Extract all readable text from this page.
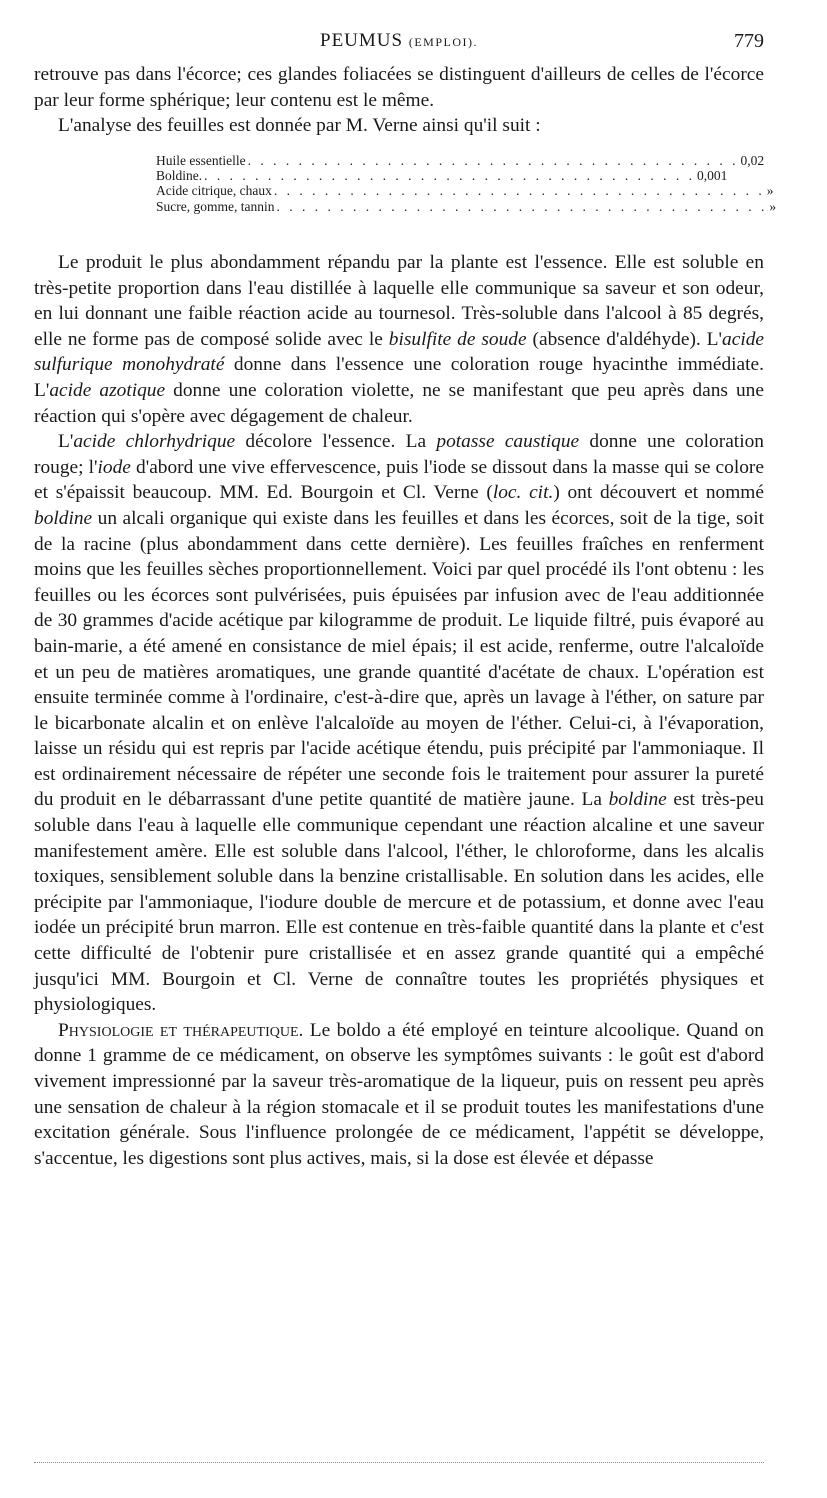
PEUMUS (EMPLOI).	779

retrouve pas dans l'écorce; ces glandes foliacées se distinguent d'ailleurs de celles de l'écorce par leur forme sphérique; leur contenu est le même.

L'analyse des feuilles est donnée par M. Verne ainsi qu'il suit :

Huile essentielle . . . . . . . . . . . . . . . . . . . . . . . . . . . . . . . . . . . . . . . 0,02
Boldine. . . . . . . . . . . . . . . . . . . . . . . . . . . . . . . . . . . . . . . . 0,001
Acide citrique, chaux . . . . . . . . . . . . . . . . . . . . . . . . . . . . . . . . . . . . . . . »
Sucre, gomme, tannin . . . . . . . . . . . . . . . . . . . . . . . . . . . . . . . . . . . . . . . »

Le produit le plus abondamment répandu par la plante est l'essence. Elle est soluble en très-petite proportion dans l'eau distillée à laquelle elle communique sa saveur et son odeur, en lui donnant une faible réaction acide au tournesol. Très-soluble dans l'alcool à 85 degrés, elle ne forme pas de composé solide avec le bisulfite de soude (absence d'aldéhyde). L'acide sulfurique monohydraté donne dans l'essence une coloration rouge hyacinthe immédiate. L'acide azotique donne une coloration violette, ne se manifestant que peu après dans une réaction qui s'opère avec dégagement de chaleur.

L'acide chlorhydrique décolore l'essence. La potasse caustique donne une coloration rouge; l'iode d'abord une vive effervescence, puis l'iode se dissout dans la masse qui se colore et s'épaissit beaucoup. MM. Ed. Bourgoin et Cl. Verne (loc. cit.) ont découvert et nommé boldine un alcali organique qui existe dans les feuilles et dans les écorces, soit de la tige, soit de la racine (plus abondamment dans cette dernière). Les feuilles fraîches en renferment moins que les feuilles sèches proportionnellement. Voici par quel procédé ils l'ont obtenu : les feuilles ou les écorces sont pulvérisées, puis épuisées par infusion avec de l'eau additionnée de 30 grammes d'acide acétique par kilogramme de produit. Le liquide filtré, puis évaporé au bain-marie, a été amené en consistance de miel épais; il est acide, renferme, outre l'alcaloïde et un peu de matières aromatiques, une grande quantité d'acétate de chaux. L'opération est ensuite terminée comme à l'ordinaire, c'est-à-dire que, après un lavage à l'éther, on sature par le bicarbonate alcalin et on enlève l'alcaloïde au moyen de l'éther. Celui-ci, à l'évaporation, laisse un résidu qui est repris par l'acide acétique étendu, puis précipité par l'ammoniaque. Il est ordinairement nécessaire de répéter une seconde fois le traitement pour assurer la pureté du produit en le débarrassant d'une petite quantité de matière jaune. La boldine est très-peu soluble dans l'eau à laquelle elle communique cependant une réaction alcaline et une saveur manifestement amère. Elle est soluble dans l'alcool, l'éther, le chloroforme, dans les alcalis toxiques, sensiblement soluble dans la benzine cristallisable. En solution dans les acides, elle précipite par l'ammoniaque, l'iodure double de mercure et de potassium, et donne avec l'eau iodée un précipité brun marron. Elle est contenue en très-faible quantité dans la plante et c'est cette difficulté de l'obtenir pure cristallisée et en assez grande quantité qui a empêché jusqu'ici MM. Bourgoin et Cl. Verne de connaître toutes les propriétés physiques et physiologiques.

Physiologie et thérapeutique. Le boldo a été employé en teinture alcoolique. Quand on donne 1 gramme de ce médicament, on observe les symptômes suivants : le goût est d'abord vivement impressionné par la saveur très-aromatique de la liqueur, puis on ressent peu après une sensation de chaleur à la région stomacale et il se produit toutes les manifestations d'une excitation générale. Sous l'influence prolongée de ce médicament, l'appétit se développe, s'accentue, les digestions sont plus actives, mais, si la dose est élevée et dépasse
